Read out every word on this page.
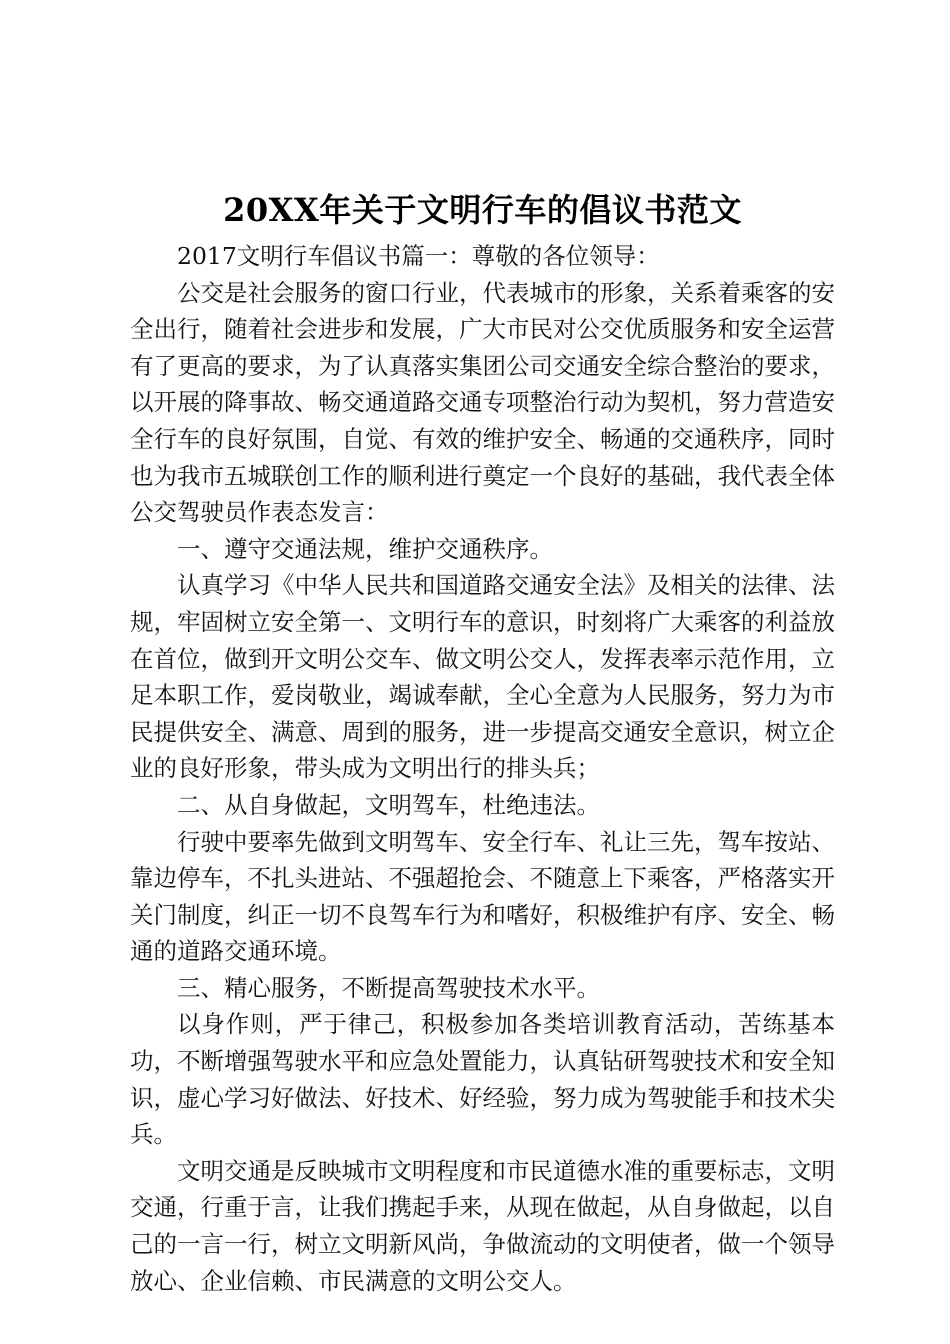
20XX年关于文明行车的倡议书范文

2017文明行车倡议书篇一：尊敬的各位领导：

公交是社会服务的窗口行业，代表城市的形象，关系着乘客的安全出行，随着社会进步和发展，广大市民对公交优质服务和安全运营有了更高的要求，为了认真落实集团公司交通安全综合整治的要求，以开展的降事故、畅交通道路交通专项整治行动为契机，努力营造安全行车的良好氛围，自觉、有效的维护安全、畅通的交通秩序，同时也为我市五城联创工作的顺利进行奠定一个良好的基础，我代表全体公交驾驶员作表态发言：

一、遵守交通法规，维护交通秩序。

认真学习《中华人民共和国道路交通安全法》及相关的法律、法规，牢固树立安全第一、文明行车的意识，时刻将广大乘客的利益放在首位，做到开文明公交车、做文明公交人，发挥表率示范作用，立足本职工作，爱岗敬业，竭诚奉献，全心全意为人民服务，努力为市民提供安全、满意、周到的服务，进一步提高交通安全意识，树立企业的良好形象，带头成为文明出行的排头兵；

二、从自身做起，文明驾车，杜绝违法。

行驶中要率先做到文明驾车、安全行车、礼让三先，驾车按站、靠边停车，不扎头进站、不强超抢会、不随意上下乘客，严格落实开关门制度，纠正一切不良驾车行为和嗜好，积极维护有序、安全、畅通的道路交通环境。

三、精心服务，不断提高驾驶技术水平。

以身作则，严于律己，积极参加各类培训教育活动，苦练基本功，不断增强驾驶水平和应急处置能力，认真钻研驾驶技术和安全知识，虚心学习好做法、好技术、好经验，努力成为驾驶能手和技术尖兵。

文明交通是反映城市文明程度和市民道德水准的重要标志，文明交通，行重于言，让我们携起手来，从现在做起，从自身做起，以自己的一言一行，树立文明新风尚，争做流动的文明使者，做一个领导放心、企业信赖、市民满意的文明公交人。
